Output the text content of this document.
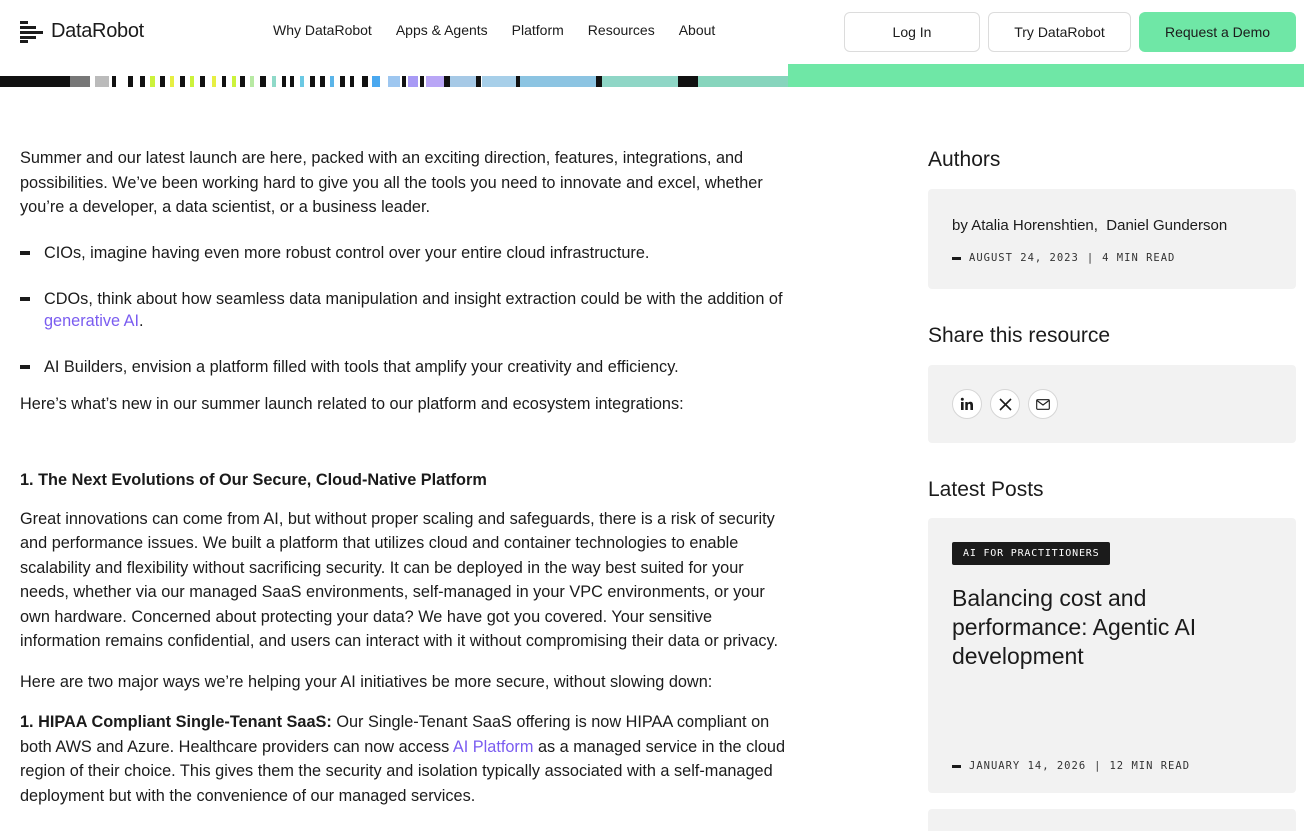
DataRobot	Why DataRobot Apps & Agents Platform Resources About	Log In	Try DataRobot	Request a Demo

Summer and our latest launch are here, packed with an exciting direction, features, integrations, and possibilities. We’ve been working hard to give you all the tools you need to innovate and excel, whether you’re a developer, a data scientist, or a business leader.

CIOs, imagine having even more robust control over your entire cloud infrastructure.
CDOs, think about how seamless data manipulation and insight extraction could be with the addition of generative AI.
AI Builders, envision a platform filled with tools that amplify your creativity and efficiency.

Here’s what’s new in our summer launch related to our platform and ecosystem integrations:

1. The Next Evolutions of Our Secure, Cloud-Native Platform

Great innovations can come from AI, but without proper scaling and safeguards, there is a risk of security and performance issues. We built a platform that utilizes cloud and container technologies to enable scalability and flexibility without sacrificing security. It can be deployed in the way best suited for your needs, whether via our managed SaaS environments, self-managed in your VPC environments, or your own hardware. Concerned about protecting your data? We have got you covered. Your sensitive information remains confidential, and users can interact with it without compromising their data or privacy.

Here are two major ways we’re helping your AI initiatives be more secure, without slowing down:

1. HIPAA Compliant Single-Tenant SaaS: Our Single-Tenant SaaS offering is now HIPAA compliant on both AWS and Azure. Healthcare providers can now access AI Platform as a managed service in the cloud region of their choice. This gives them the security and isolation typically associated with a self-managed deployment but with the convenience of our managed services.

Authors
by Atalia Horenshtien, Daniel Gunderson
AUGUST 24, 2023 | 4 MIN READ
Share this resource
Latest Posts
AI FOR PRACTITIONERS
Balancing cost and performance: Agentic AI development
JANUARY 14, 2026 | 12 MIN READ
